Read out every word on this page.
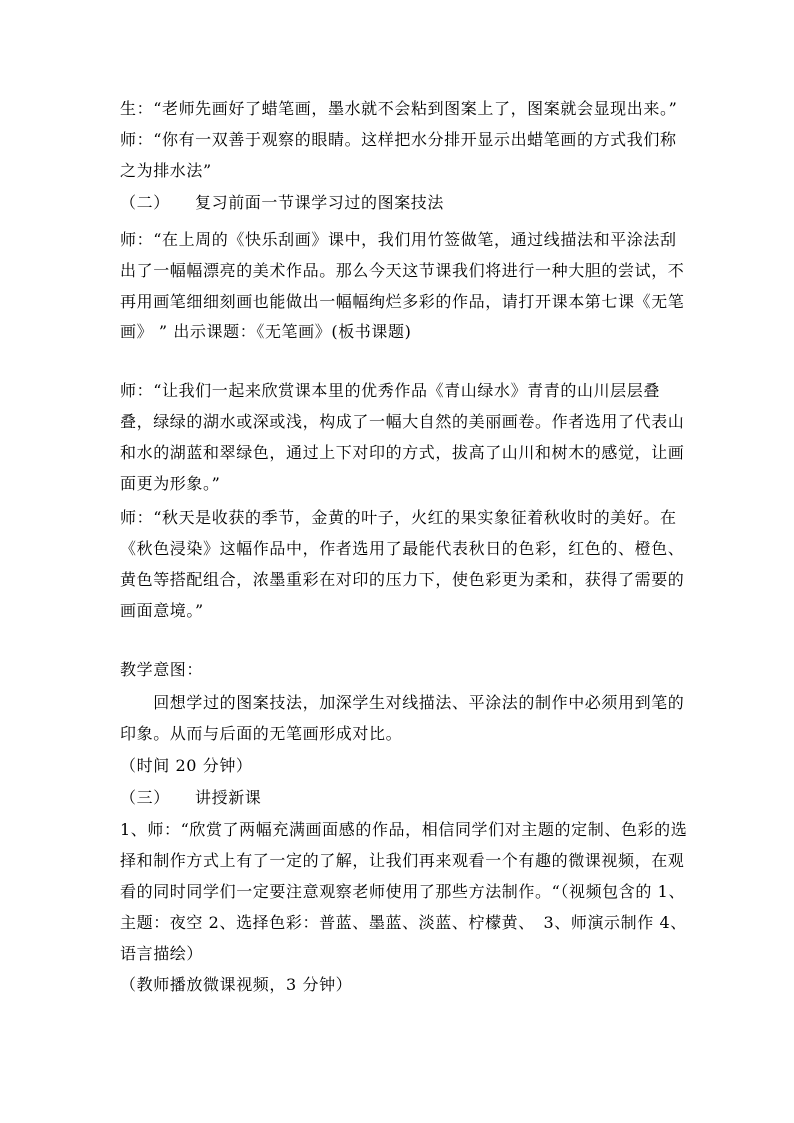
生：“老师先画好了蜡笔画，墨水就不会粘到图案上了，图案就会显现出来。”
师：“你有一双善于观察的眼睛。这样把水分排开显示出蜡笔画的方式我们称
之为排水法”
（二）　　复习前面一节课学习过的图案技法
师：“在上周的《快乐刮画》课中，我们用竹签做笔，通过线描法和平涂法刮
出了一幅幅漂亮的美术作品。那么今天这节课我们将进行一种大胆的尝试，不
再用画笔细细刻画也能做出一幅幅绚烂多彩的作品，请打开课本第七课《无笔
画》 ” 出示课题：《无笔画》(板书课题)
师：“让我们一起来欣赏课本里的优秀作品《青山绿水》青青的山川层层叠
叠，绿绿的湖水或深或浅，构成了一幅大自然的美丽画卷。作者选用了代表山
和水的湖蓝和翠绿色，通过上下对印的方式，拔高了山川和树木的感觉，让画
面更为形象。”
师：“秋天是收获的季节，金黄的叶子，火红的果实象征着秋收时的美好。在
《秋色浸染》这幅作品中，作者选用了最能代表秋日的色彩，红色的、橙色、
黄色等搭配组合，浓墨重彩在对印的压力下，使色彩更为柔和，获得了需要的
画面意境。”
教学意图：
　　回想学过的图案技法，加深学生对线描法、平涂法的制作中必须用到笔的
印象。从而与后面的无笔画形成对比。
（时间 20 分钟）
（三）　　讲授新课
1、师：“欣赏了两幅充满画面感的作品，相信同学们对主题的定制、色彩的选
择和制作方式上有了一定的了解，让我们再来观看一个有趣的微课视频，在观
看的同时同学们一定要注意观察老师使用了那些方法制作。“（视频包含的 1、
主题：夜空 2、选择色彩：普蓝、墨蓝、淡蓝、柠檬黄、　3、师演示制作 4、
语言描绘）
（教师播放微课视频，3 分钟）
